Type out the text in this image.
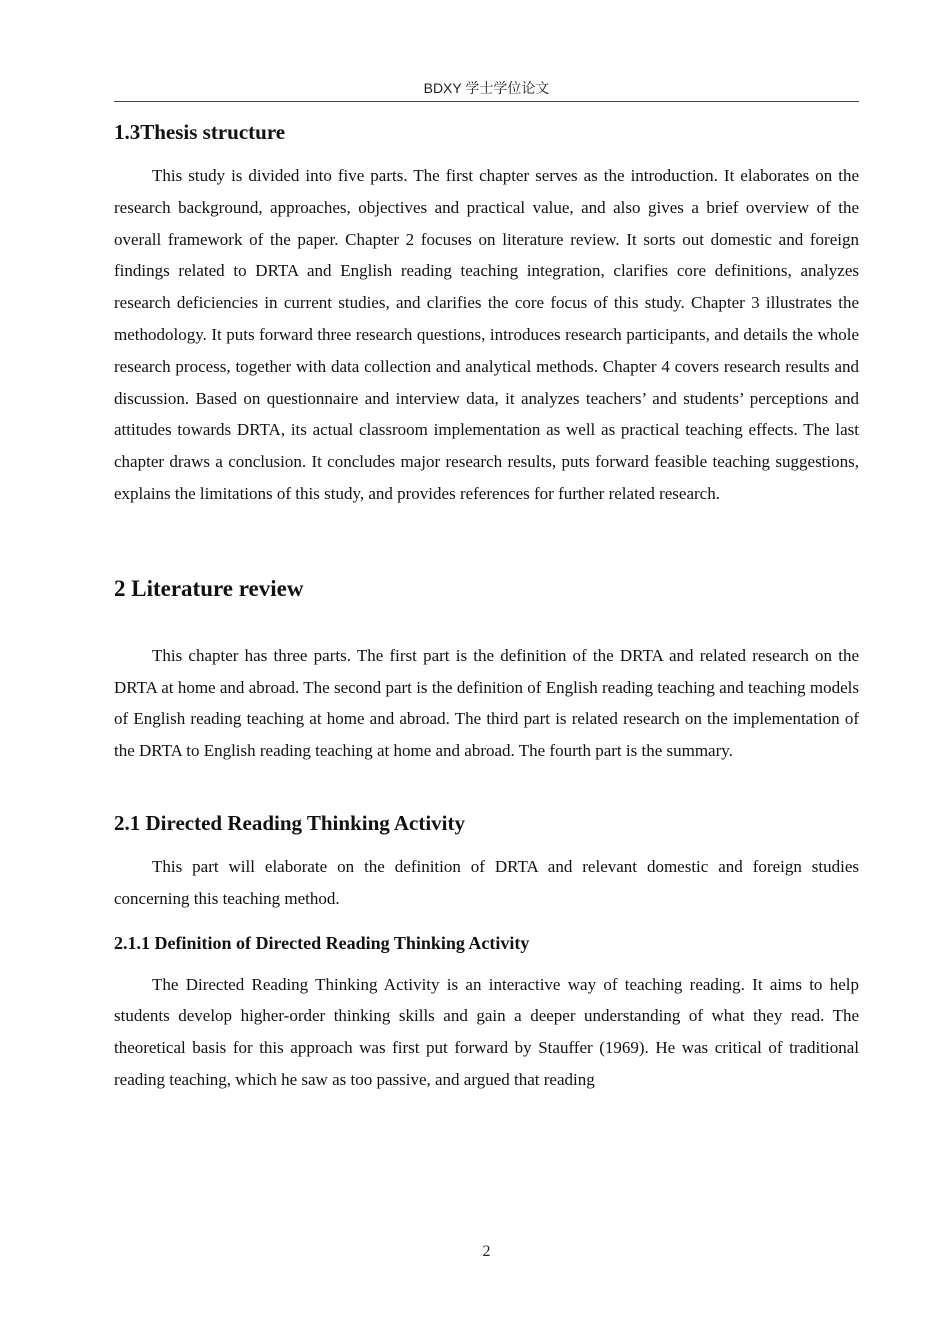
BDXY 学士学位论文
1.3Thesis structure

This study is divided into five parts. The first chapter serves as the introduction. It elaborates on the research background, approaches, objectives and practical value, and also gives a brief overview of the overall framework of the paper. Chapter 2 focuses on literature review. It sorts out domestic and foreign findings related to DRTA and English reading teaching integration, clarifies core definitions, analyzes research deficiencies in current studies, and clarifies the core focus of this study. Chapter 3 illustrates the methodology. It puts forward three research questions, introduces research participants, and details the whole research process, together with data collection and analytical methods. Chapter 4 covers research results and discussion. Based on questionnaire and interview data, it analyzes teachers’ and students’ perceptions and attitudes towards DRTA, its actual classroom implementation as well as practical teaching effects. The last chapter draws a conclusion. It concludes major research results, puts forward feasible teaching suggestions, explains the limitations of this study, and provides references for further related research.

2 Literature review

This chapter has three parts. The first part is the definition of the DRTA and related research on the DRTA at home and abroad. The second part is the definition of English reading teaching and teaching models of English reading teaching at home and abroad. The third part is related research on the implementation of the DRTA to English reading teaching at home and abroad. The fourth part is the summary.

2.1 Directed Reading Thinking Activity

This part will elaborate on the definition of DRTA and relevant domestic and foreign studies concerning this teaching method.

2.1.1 Definition of Directed Reading Thinking Activity

The Directed Reading Thinking Activity is an interactive way of teaching reading. It aims to help students develop higher-order thinking skills and gain a deeper understanding of what they read. The theoretical basis for this approach was first put forward by Stauffer (1969). He was critical of traditional reading teaching, which he saw as too passive, and argued that reading

2
